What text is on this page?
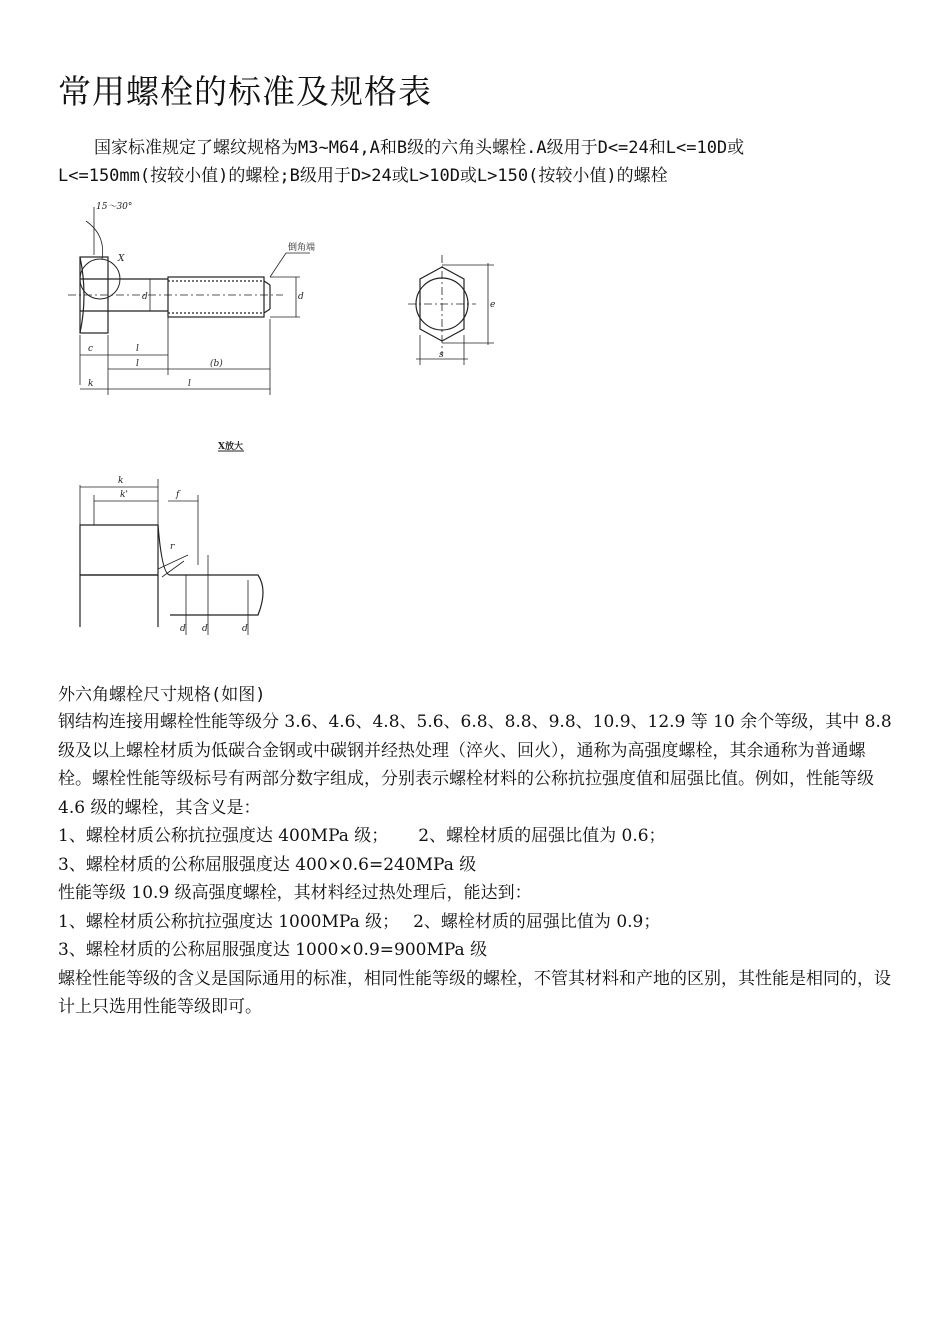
常用螺栓的标准及规格表
国家标准规定了螺纹规格为M3~M64,A和B级的六角头螺栓.A级用于D<=24和L<=10D或
L<=150mm(按较小值)的螺栓;B级用于D>24或L>10D或L>150(按较小值)的螺栓
15～30°
X
倒角端
c	l
l	(b)
l
k
d	d
e
s
X放大
k
k'	f
r
d d	d
外六角螺栓尺寸规格(如图)

钢结构连接用螺栓性能等级分 3.6、4.6、4.8、5.6、6.8、8.8、9.8、10.9、12.9 等 10 余个等级，其中 8.8 级及以上螺栓材质为低碳合金钢或中碳钢并经热处理（淬火、回火），通称为高强度螺栓，其余通称为普通螺栓。螺栓性能等级标号有两部分数字组成，分别表示螺栓材料的公称抗拉强度值和屈强比值。例如，性能等级 4.6 级的螺栓，其含义是：

1、螺栓材质公称抗拉强度达 400MPa 级； 2、螺栓材质的屈强比值为 0.6；

3、螺栓材质的公称屈服强度达 400×0.6=240MPa 级

性能等级 10.9 级高强度螺栓，其材料经过热处理后，能达到：

1、螺栓材质公称抗拉强度达 1000MPa 级； 2、螺栓材质的屈强比值为 0.9；

3、螺栓材质的公称屈服强度达 1000×0.9=900MPa 级

螺栓性能等级的含义是国际通用的标准，相同性能等级的螺栓，不管其材料和产地的区别，其性能是相同的，设计上只选用性能等级即可。
